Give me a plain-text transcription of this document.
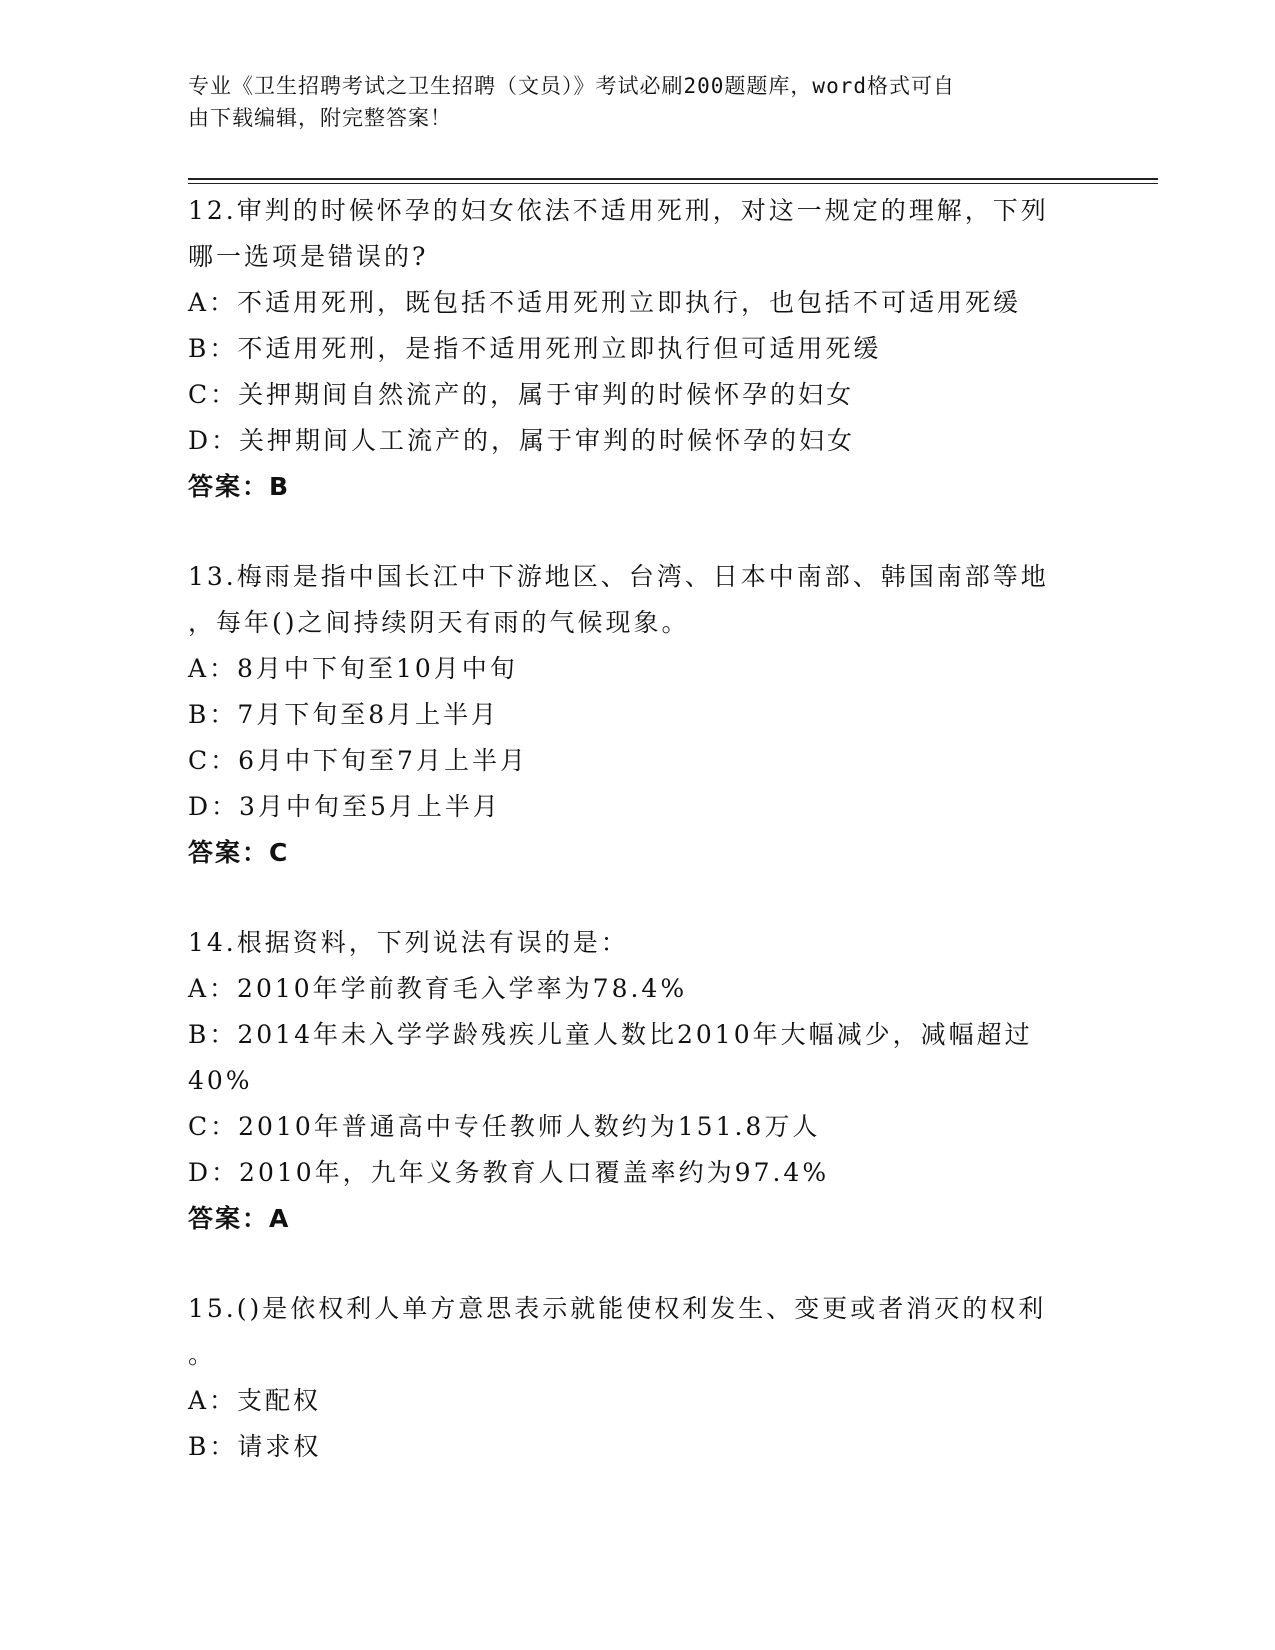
专业《卫生招聘考试之卫生招聘（文员）》考试必刷200题题库，word格式可自
由下载编辑，附完整答案！
12.审判的时候怀孕的妇女依法不适用死刑，对这一规定的理解，下列
哪一选项是错误的?
A：不适用死刑，既包括不适用死刑立即执行，也包括不可适用死缓
B：不适用死刑，是指不适用死刑立即执行但可适用死缓
C：关押期间自然流产的，属于审判的时候怀孕的妇女
D：关押期间人工流产的，属于审判的时候怀孕的妇女
答案：B
13.梅雨是指中国长江中下游地区、台湾、日本中南部、韩国南部等地
，每年()之间持续阴天有雨的气候现象。
A：8月中下旬至10月中旬
B：7月下旬至8月上半月
C：6月中下旬至7月上半月
D：3月中旬至5月上半月
答案：C
14.根据资料，下列说法有误的是：
A：2010年学前教育毛入学率为78.4%
B：2014年未入学学龄残疾儿童人数比2010年大幅减少，减幅超过
40%
C：2010年普通高中专任教师人数约为151.8万人
D：2010年，九年义务教育人口覆盖率约为97.4%
答案：A
15.()是依权利人单方意思表示就能使权利发生、变更或者消灭的权利
。
A：支配权
B：请求权
